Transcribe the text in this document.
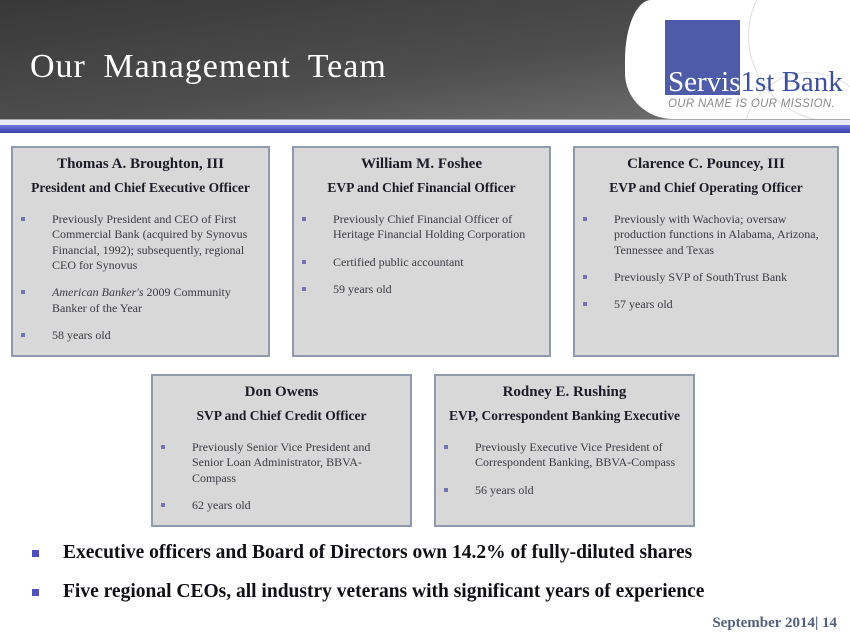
Our Management Team	Servis1st Bank
OUR NAME IS OUR MISSION.
Thomas A. Broughton, III
President and Chief Executive Officer
Previously President and CEO of First Commercial Bank (acquired by Synovus Financial, 1992); subsequently, regional CEO for Synovus
American Banker's 2009 Community Banker of the Year
58 years old
William M. Foshee
EVP and Chief Financial Officer
Previously Chief Financial Officer of Heritage Financial Holding Corporation
Certified public accountant
59 years old
Clarence C. Pouncey, III
EVP and Chief Operating Officer
Previously with Wachovia; oversaw production functions in Alabama, Arizona, Tennessee and Texas
Previously SVP of SouthTrust Bank
57 years old
Don Owens
SVP and Chief Credit Officer
Previously Senior Vice President and Senior Loan Administrator, BBVA-Compass
62 years old
Rodney E. Rushing
EVP, Correspondent Banking Executive
Previously Executive Vice President of Correspondent Banking, BBVA-Compass
56 years old
Executive officers and Board of Directors own 14.2% of fully-diluted shares
Five regional CEOs, all industry veterans with significant years of experience
September 2014| 14
